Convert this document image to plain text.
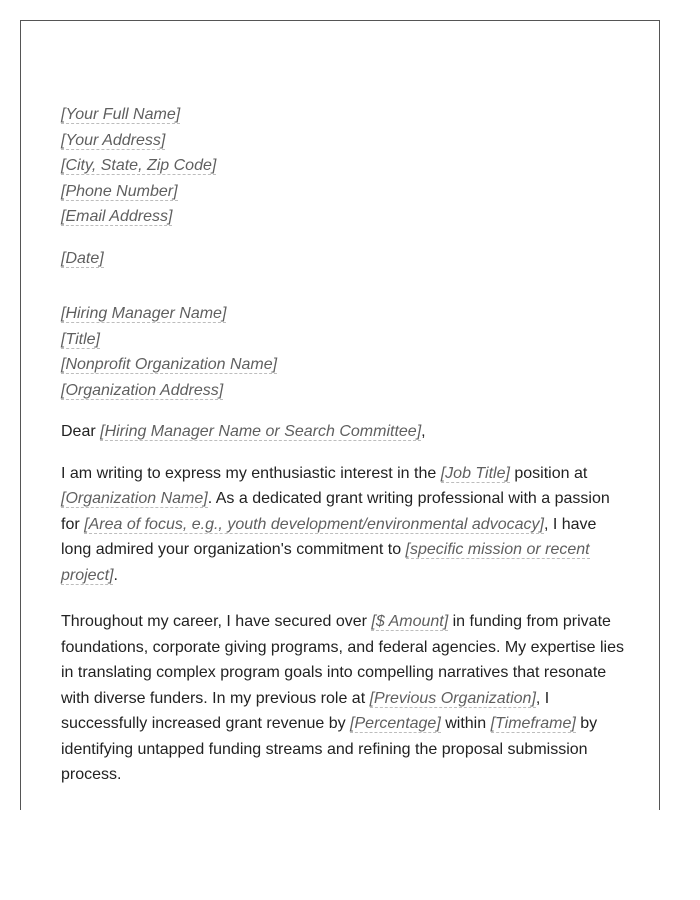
[Your Full Name]
[Your Address]
[City, State, Zip Code]
[Phone Number]
[Email Address]
[Date]
[Hiring Manager Name]
[Title]
[Nonprofit Organization Name]
[Organization Address]

Dear [Hiring Manager Name or Search Committee],

I am writing to express my enthusiastic interest in the [Job Title] position at [Organization Name]. As a dedicated grant writing professional with a passion for [Area of focus, e.g., youth development/environmental advocacy], I have long admired your organization's commitment to [specific mission or recent project].

Throughout my career, I have secured over [$ Amount] in funding from private foundations, corporate giving programs, and federal agencies. My expertise lies in translating complex program goals into compelling narratives that resonate with diverse funders. In my previous role at [Previous Organization], I successfully increased grant revenue by [Percentage] within [Timeframe] by identifying untapped funding streams and refining the proposal submission process.
